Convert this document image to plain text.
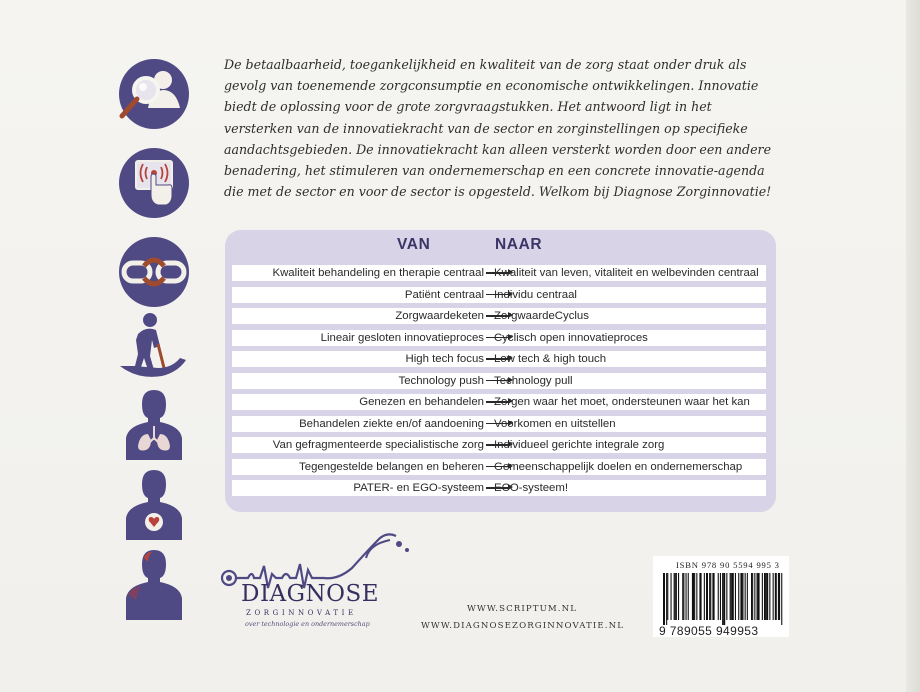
De betaalbaarheid, toegankelijkheid en kwaliteit van de zorg staat onder druk als gevolg van toenemende zorgconsumptie en economische ontwikkelingen. Innovatie biedt de oplossing voor de grote zorgvraagstukken. Het antwoord ligt in het versterken van de innovatiekracht van de sector en zorginstellingen op specifieke aandachtsgebieden. De innovatiekracht kan alleen versterkt worden door een andere benadering, het stimuleren van ondernemerschap en een concrete innovatie-agenda die met de sector en voor de sector is opgesteld. Welkom bij Diagnose Zorginnovatie!

VAN	NAAR
Kwaliteit behandeling en therapie centraal Kwaliteit van leven, vitaliteit en welbevinden centraal
Patiënt centraal Individu centraal
Zorgwaardeketen ZorgwaardeCyclus
Lineair gesloten innovatieproces Cyclisch open innovatieproces
High tech focus Low tech & high touch
Technology push Technology pull
Genezen en behandelen Zorgen waar het moet, ondersteunen waar het kan
Behandelen ziekte en/of aandoening Voorkomen en uitstellen
Van gefragmenteerde specialistische zorg Individueel gerichte integrale zorg
Tegengestelde belangen en beheren Gemeenschappelijk doelen en ondernemerschap
PATER- en EGO-systeem ECO-systeem!
DIAGNOSE
ZORGINNOVATIE
over technologie en ondernemerschap
WWW.SCRIPTUM.NL
WWW.DIAGNOSEZORGINNOVATIE.NL
ISBN 978 90 5594 995 3
9 789055 949953
